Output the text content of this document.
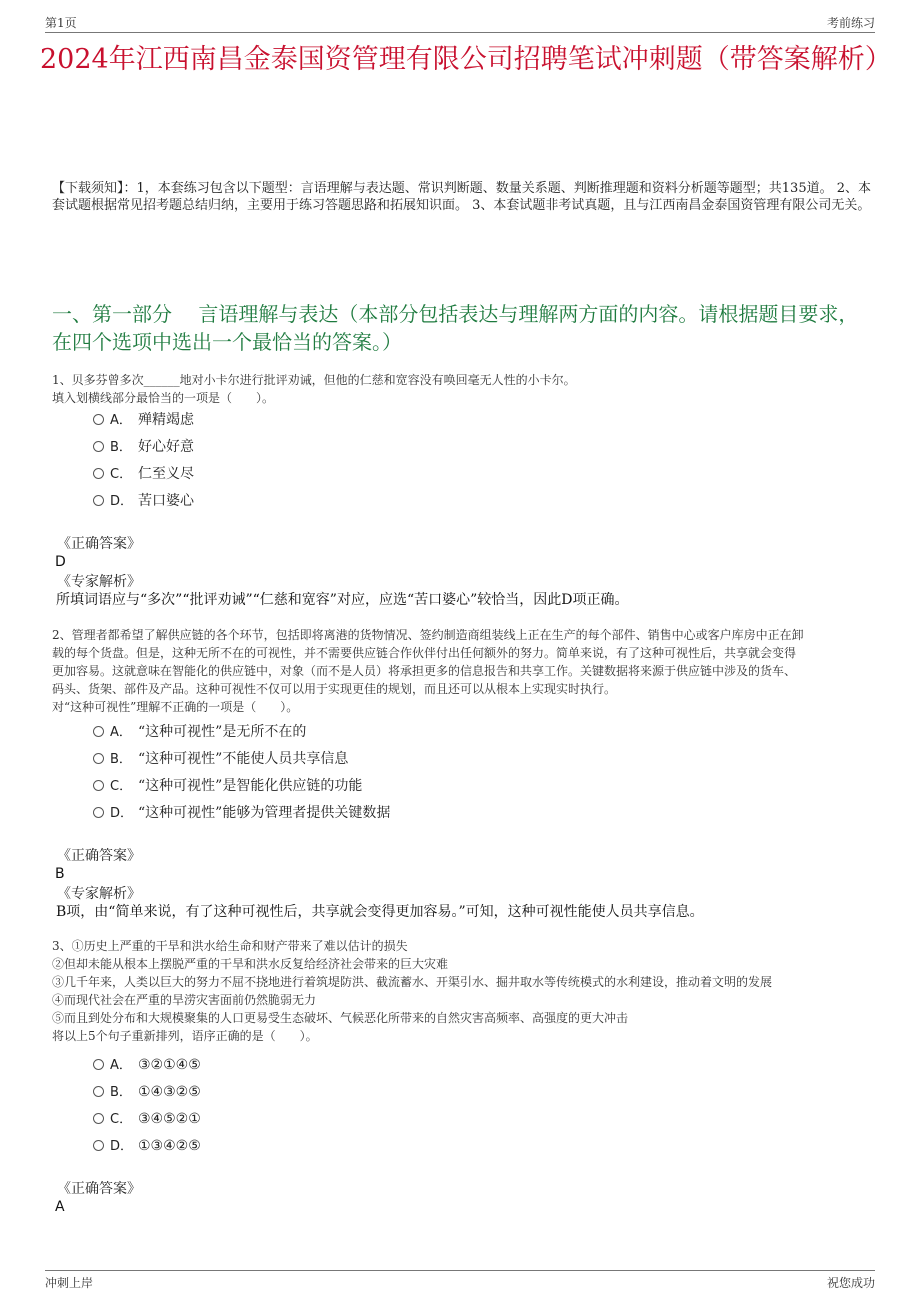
第1页	考前练习
2024年江西南昌金泰国资管理有限公司招聘笔试冲刺题（带答案解析）
【下载须知】：1，本套练习包含以下题型：言语理解与表达题、常识判断题、数量关系题、判断推理题和资料分析题等题型；共135道。 2、本套试题根据常见招考题总结归纳，主要用于练习答题思路和拓展知识面。 3、本套试题非考试真题，且与江西南昌金泰国资管理有限公司无关。
一、第一部分　 言语理解与表达（本部分包括表达与理解两方面的内容。请根据题目要求，在四个选项中选出一个最恰当的答案。）
1、贝多芬曾多次______地对小卡尔进行批评劝诫，但他的仁慈和宽容没有唤回毫无人性的小卡尔。
填入划横线部分最恰当的一项是（　　）。
A． 殚精竭虑
B． 好心好意
C． 仁至义尽
D． 苦口婆心
《正确答案》
D
《专家解析》
所填词语应与“多次”“批评劝诫”“仁慈和宽容”对应，应选“苦口婆心”较恰当，因此D项正确。
2、管理者都希望了解供应链的各个环节，包括即将离港的货物情况、签约制造商组装线上正在生产的每个部件、销售中心或客户库房中正在卸
载的每个货盘。但是，这种无所不在的可视性，并不需要供应链合作伙伴付出任何额外的努力。简单来说，有了这种可视性后，共享就会变得
更加容易。这就意味在智能化的供应链中，对象（而不是人员）将承担更多的信息报告和共享工作。关键数据将来源于供应链中涉及的货车、
码头、货架、部件及产品。这种可视性不仅可以用于实现更佳的规划，而且还可以从根本上实现实时执行。
对“这种可视性”理解不正确的一项是（　　）。
A． “这种可视性”是无所不在的
B． “这种可视性”不能使人员共享信息
C． “这种可视性”是智能化供应链的功能
D． “这种可视性”能够为管理者提供关键数据
《正确答案》
B
《专家解析》
B项，由“简单来说，有了这种可视性后，共享就会变得更加容易。”可知，这种可视性能使人员共享信息。
3、①历史上严重的干旱和洪水给生命和财产带来了难以估计的损失
②但却未能从根本上摆脱严重的干旱和洪水反复给经济社会带来的巨大灾难
③几千年来，人类以巨大的努力不屈不挠地进行着筑堤防洪、截流蓄水、开渠引水、掘井取水等传统模式的水利建设，推动着文明的发展
④而现代社会在严重的旱涝灾害面前仍然脆弱无力
⑤而且到处分布和大规模聚集的人口更易受生态破坏、气候恶化所带来的自然灾害高频率、高强度的更大冲击
将以上5个句子重新排列，语序正确的是（　　）。
A． ③②①④⑤
B． ①④③②⑤
C． ③④⑤②①
D． ①③④②⑤
《正确答案》
A
冲刺上岸	祝您成功
